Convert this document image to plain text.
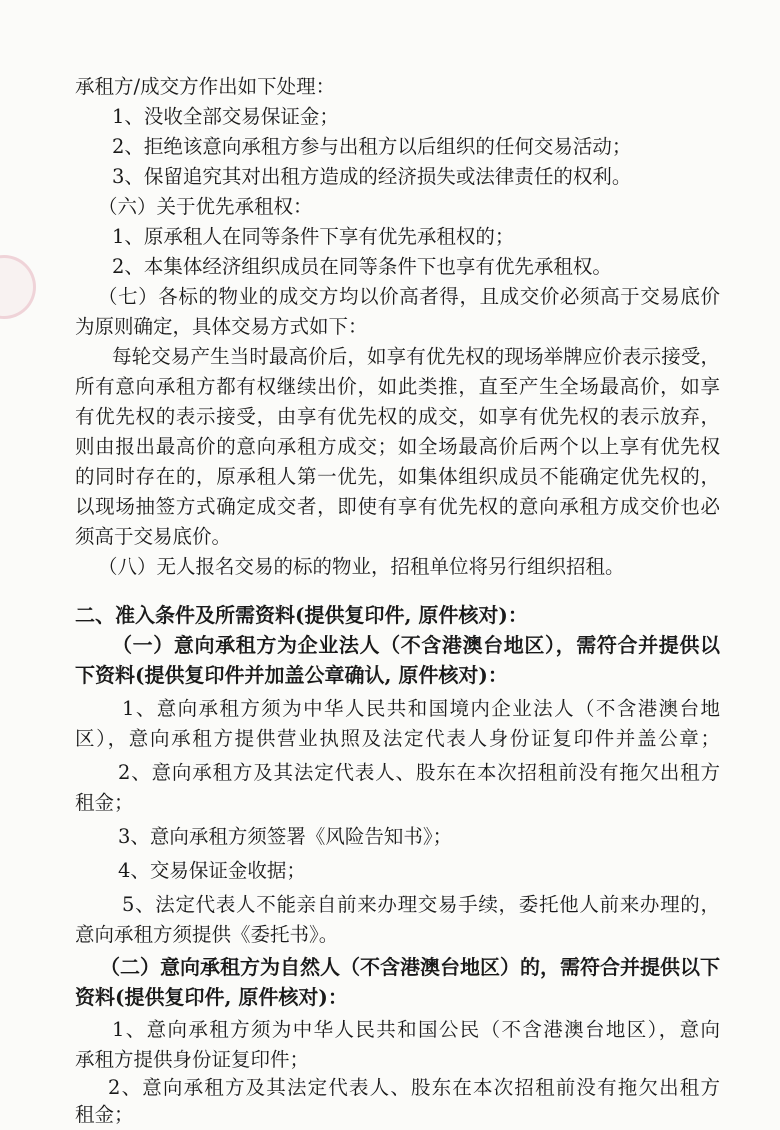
承租方/成交方作出如下处理：
1、没收全部交易保证金；
2、拒绝该意向承租方参与出租方以后组织的任何交易活动；
3、保留追究其对出租方造成的经济损失或法律责任的权利。
（六）关于优先承租权：
1、原承租人在同等条件下享有优先承租权的；
2、本集体经济组织成员在同等条件下也享有优先承租权。
（七）各标的物业的成交方均以价高者得，且成交价必须高于交易底价
为原则确定，具体交易方式如下：
每轮交易产生当时最高价后，如享有优先权的现场举牌应价表示接受，
所有意向承租方都有权继续出价，如此类推，直至产生全场最高价，如享
有优先权的表示接受，由享有优先权的成交，如享有优先权的表示放弃，
则由报出最高价的意向承租方成交；如全场最高价后两个以上享有优先权
的同时存在的，原承租人第一优先，如集体组织成员不能确定优先权的，
以现场抽签方式确定成交者，即使有享有优先权的意向承租方成交价也必
须高于交易底价。
（八）无人报名交易的标的物业，招租单位将另行组织招租。
二、准入条件及所需资料(提供复印件, 原件核对)：
（一）意向承租方为企业法人（不含港澳台地区），需符合并提供以
下资料(提供复印件并加盖公章确认, 原件核对)：
1、意向承租方须为中华人民共和国境内企业法人（不含港澳台地
区），意向承租方提供营业执照及法定代表人身份证复印件并盖公章；
2、意向承租方及其法定代表人、股东在本次招租前没有拖欠出租方
租金；
3、意向承租方须签署《风险告知书》；
4、交易保证金收据；
5、法定代表人不能亲自前来办理交易手续，委托他人前来办理的，
意向承租方须提供《委托书》。
（二）意向承租方为自然人（不含港澳台地区）的，需符合并提供以下
资料(提供复印件, 原件核对)：
1、意向承租方须为中华人民共和国公民（不含港澳台地区），意向
承租方提供身份证复印件；
2、意向承租方及其法定代表人、股东在本次招租前没有拖欠出租方
租金；
